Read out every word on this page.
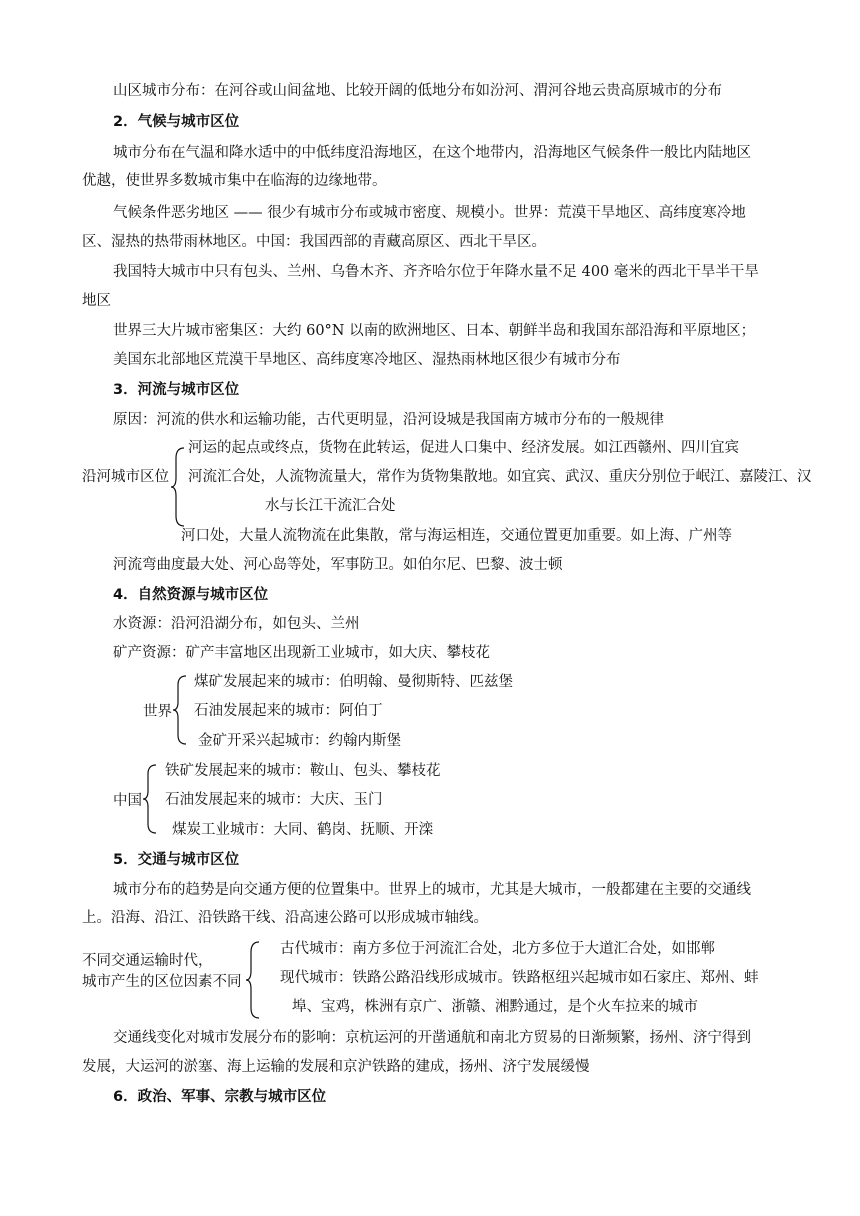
山区城市分布：在河谷或山间盆地、比较开阔的低地分布如汾河、渭河谷地云贵高原城市的分布
2．气候与城市区位
城市分布在气温和降水适中的中低纬度沿海地区，在这个地带内，沿海地区气候条件一般比内陆地区
优越，使世界多数城市集中在临海的边缘地带。
气候条件恶劣地区 —— 很少有城市分布或城市密度、规模小。世界：荒漠干旱地区、高纬度寒冷地
区、湿热的热带雨林地区。中国：我国西部的青藏高原区、西北干旱区。
我国特大城市中只有包头、兰州、乌鲁木齐、齐齐哈尔位于年降水量不足 400 毫米的西北干旱半干旱
地区
世界三大片城市密集区：大约 60°N 以南的欧洲地区、日本、朝鲜半岛和我国东部沿海和平原地区；
美国东北部地区荒漠干旱地区、高纬度寒冷地区、湿热雨林地区很少有城市分布
3．河流与城市区位
原因：河流的供水和运输功能，古代更明显，沿河设城是我国南方城市分布的一般规律
沿河城市区位
河运的起点或终点，货物在此转运，促进人口集中、经济发展。如江西赣州、四川宜宾
河流汇合处，人流物流量大，常作为货物集散地。如宜宾、武汉、重庆分别位于岷江、嘉陵江、汉
水与长江干流汇合处
河口处，大量人流物流在此集散，常与海运相连，交通位置更加重要。如上海、广州等
河流弯曲度最大处、河心岛等处，军事防卫。如伯尔尼、巴黎、波士顿
4．自然资源与城市区位
水资源：沿河沿湖分布，如包头、兰州
矿产资源：矿产丰富地区出现新工业城市，如大庆、攀枝花
世界
煤矿发展起来的城市：伯明翰、曼彻斯特、匹兹堡
石油发展起来的城市：阿伯丁
金矿开采兴起城市：约翰内斯堡
中国
铁矿发展起来的城市：鞍山、包头、攀枝花
石油发展起来的城市：大庆、玉门
煤炭工业城市：大同、鹤岗、抚顺、开滦
5．交通与城市区位
城市分布的趋势是向交通方便的位置集中。世界上的城市，尤其是大城市，一般都建在主要的交通线
上。沿海、沿江、沿铁路干线、沿高速公路可以形成城市轴线。
不同交通运输时代，
城市产生的区位因素不同
古代城市：南方多位于河流汇合处，北方多位于大道汇合处，如邯郸
现代城市：铁路公路沿线形成城市。铁路枢纽兴起城市如石家庄、郑州、蚌
埠、宝鸡，株洲有京广、浙赣、湘黔通过，是个火车拉来的城市
交通线变化对城市发展分布的影响：京杭运河的开凿通航和南北方贸易的日渐频繁，扬州、济宁得到
发展，大运河的淤塞、海上运输的发展和京沪铁路的建成，扬州、济宁发展缓慢
6．政治、军事、宗教与城市区位
